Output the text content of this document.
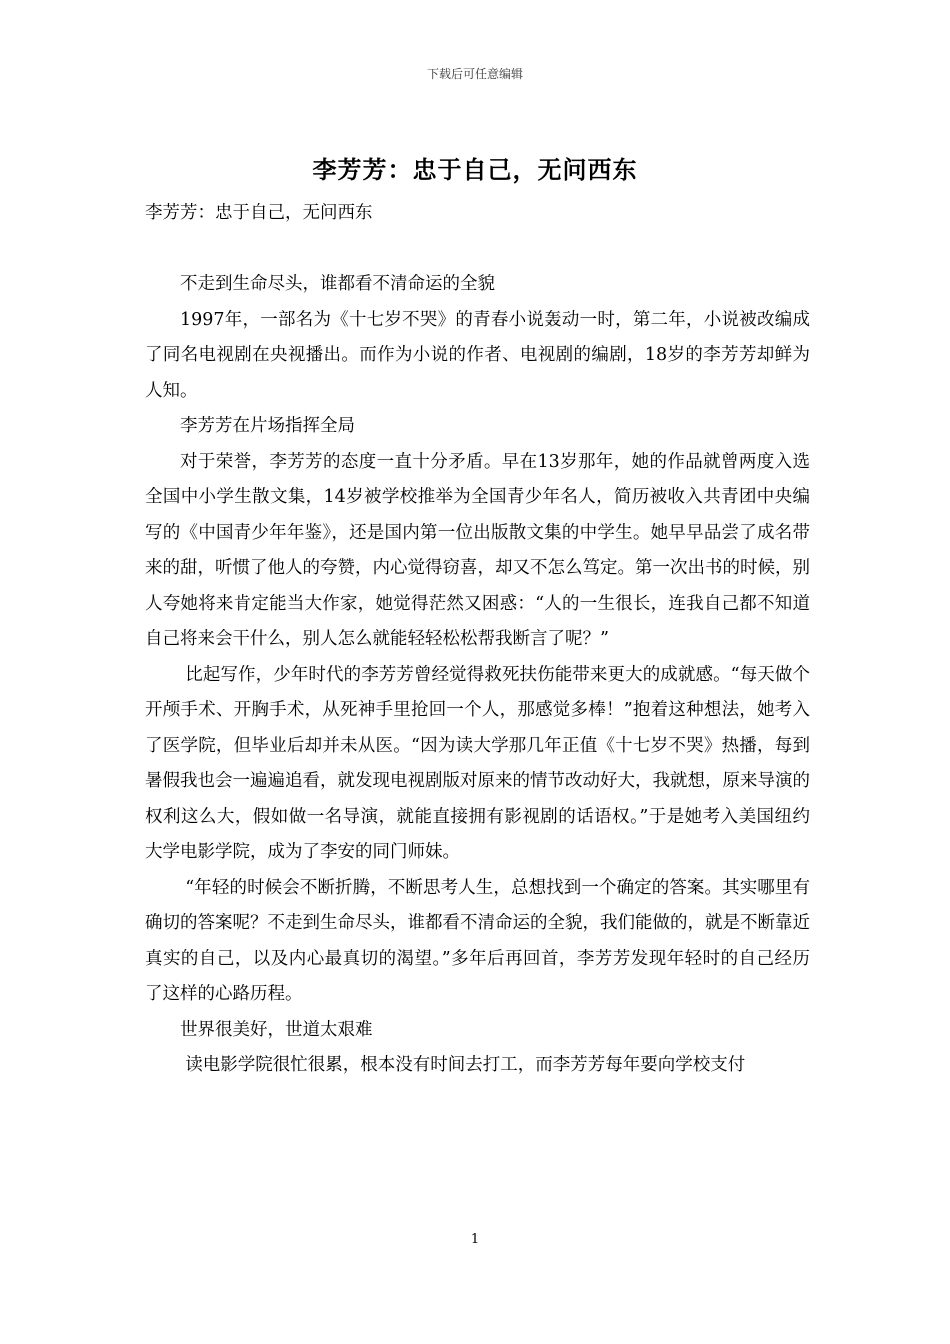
下载后可任意编辑
李芳芳：忠于自己，无问西东

李芳芳：忠于自己，无问西东

不走到生命尽头，谁都看不清命运的全貌

1997年，一部名为《十七岁不哭》的青春小说轰动一时，第二年，小说被改编成了同名电视剧在央视播出。而作为小说的作者、电视剧的编剧，18岁的李芳芳却鲜为人知。

李芳芳在片场指挥全局

对于荣誉，李芳芳的态度一直十分矛盾。早在13岁那年，她的作品就曾两度入选全国中小学生散文集，14岁被学校推举为全国青少年名人，简历被收入共青团中央编写的《中国青少年年鉴》，还是国内第一位出版散文集的中学生。她早早品尝了成名带来的甜，听惯了他人的夸赞，内心觉得窃喜，却又不怎么笃定。第一次出书的时候，别人夸她将来肯定能当大作家，她觉得茫然又困惑：“人的一生很长，连我自己都不知道自己将来会干什么，别人怎么就能轻轻松松帮我断言了呢？”

比起写作，少年时代的李芳芳曾经觉得救死扶伤能带来更大的成就感。“每天做个开颅手术、开胸手术，从死神手里抢回一个人，那感觉多棒！”抱着这种想法，她考入了医学院，但毕业后却并未从医。“因为读大学那几年正值《十七岁不哭》热播，每到暑假我也会一遍遍追看，就发现电视剧版对原来的情节改动好大，我就想，原来导演的权利这么大，假如做一名导演，就能直接拥有影视剧的话语权。”于是她考入美国纽约大学电影学院，成为了李安的同门师妹。

“年轻的时候会不断折腾，不断思考人生，总想找到一个确定的答案。其实哪里有确切的答案呢？不走到生命尽头，谁都看不清命运的全貌，我们能做的，就是不断靠近真实的自己，以及内心最真切的渴望。”多年后再回首，李芳芳发现年轻时的自己经历了这样的心路历程。

世界很美好，世道太艰难

读电影学院很忙很累，根本没有时间去打工，而李芳芳每年要向学校支付

1
